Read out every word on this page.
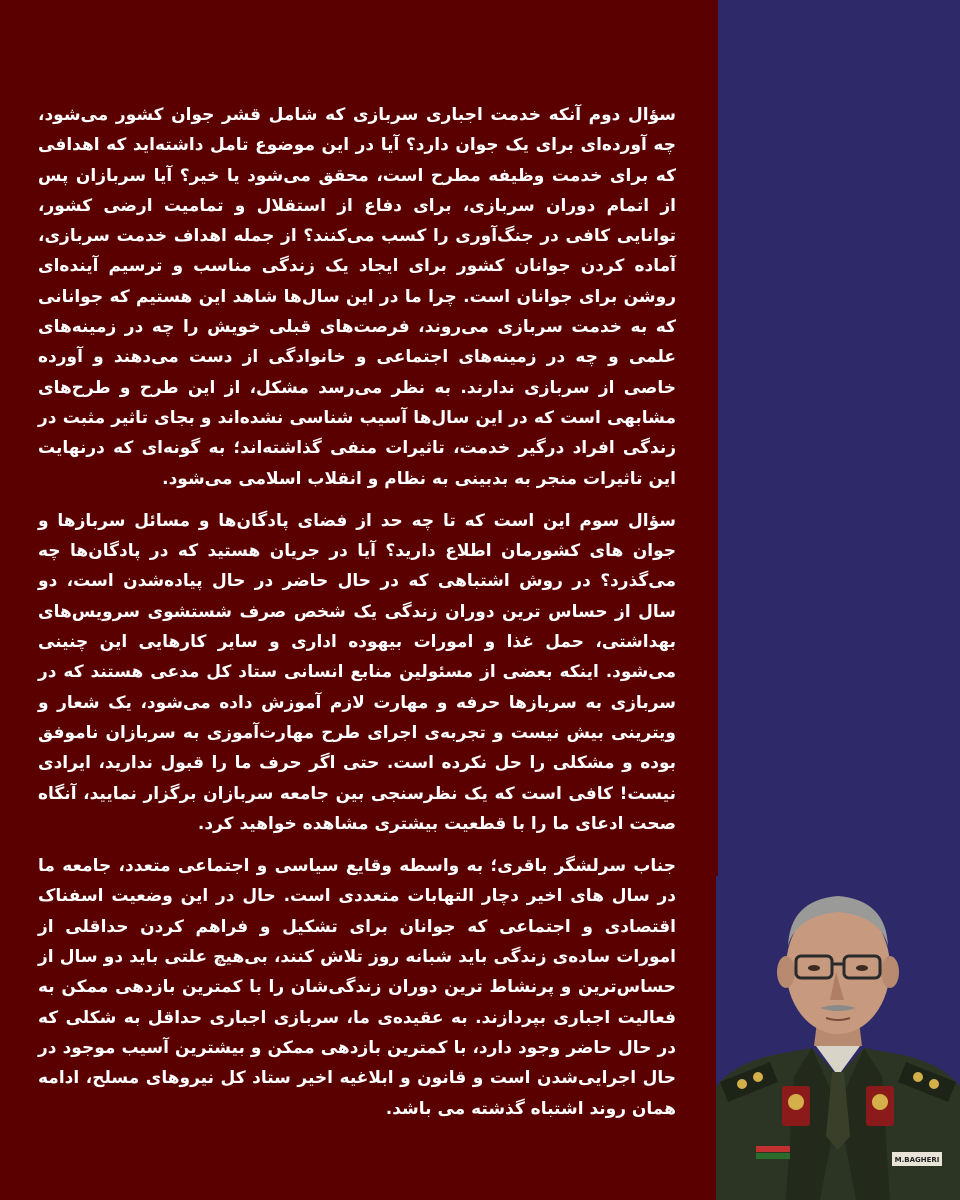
سؤال دوم آنکه خدمت اجباری سربازی که شامل قشر جوان کشور می‌شود، چه آورده‌ای برای یک جوان دارد؟ آیا در این موضوع تامل داشته‌اید که اهدافی که برای خدمت وظیفه مطرح است، محقق می‌شود یا خیر؟ آیا سربازان پس از اتمام دوران سربازی، برای دفاع از استقلال و تمامیت ارضی کشور، توانایی کافی در جنگ‌آوری را کسب می‌کنند؟ از جمله اهداف خدمت سربازی، آماده کردن جوانان کشور برای ایجاد یک زندگی مناسب و ترسیم آینده‌ای روشن برای جوانان است. چرا ما در این سال‌ها شاهد این هستیم که جوانانی که به خدمت سربازی می‌روند، فرصت‌های قبلی خویش را چه در زمینه‌های علمی و چه در زمینه‌های اجتماعی و خانوادگی از دست می‌دهند و آورده خاصی از سربازی ندارند. به نظر می‌رسد مشکل، از این طرح و طرح‌های مشابهی است که در این سال‌ها آسیب شناسی نشده‌اند و بجای تاثیر مثبت در زندگی افراد درگیر خدمت، تاثیرات منفی گذاشته‌اند؛ به گونه‌ای که درنهایت این تاثیرات منجر به بدبینی به نظام و انقلاب اسلامی می‌شود.

سؤال سوم این است که تا چه حد از فضای پادگان‌ها و مسائل سربازها و جوان های کشورمان اطلاع دارید؟ آیا در جریان هستید که در پادگان‌ها چه می‌گذرد؟ در روش اشتباهی که در حال حاضر در حال پیاده‌شدن است، دو سال از حساس ترین دوران زندگی یک شخص صرف شستشوی سرویس‌های بهداشتی، حمل غذا و امورات بیهوده اداری و سایر کارهایی این چنینی می‌شود. اینکه بعضی از مسئولین منابع انسانی ستاد کل مدعی هستند که در سربازی به سربازها حرفه و مهارت لازم آموزش داده می‌شود، یک شعار و ویترینی بیش نیست و تجربه‌ی اجرای طرح مهارت‌آموزی به سربازان ناموفق بوده و مشکلی را حل نکرده است. حتی اگر حرف ما را قبول ندارید، ایرادی نیست! کافی است که یک نظرسنجی بین جامعه سربازان برگزار نمایید، آنگاه صحت ادعای ما را با قطعیت بیشتری مشاهده خواهید کرد.

جناب سرلشگر باقری؛ به واسطه وقایع سیاسی و اجتماعی متعدد، جامعه ما در سال های اخیر دچار التهابات متعددی است. حال در این وضعیت اسفناک اقتصادی و اجتماعی که جوانان برای تشکیل و فراهم کردن حداقلی از امورات ساده‌ی زندگی باید شبانه روز تلاش کنند، بی‌هیچ علتی باید دو سال از حساس‌ترین و پرنشاط ترین دوران زندگی‌شان را با کمترین بازدهی ممکن به فعالیت اجباری بپردازند. به عقیده‌ی ما، سربازی اجباری حداقل به شکلی که در حال حاضر وجود دارد، با کمترین بازدهی ممکن و بیشترین آسیب موجود در حال اجرایی‌شدن است و قانون و ابلاغیه اخیر ستاد کل نیروهای مسلح، ادامه همان روند اشتباه گذشته می باشد.

M.BAGHERI
